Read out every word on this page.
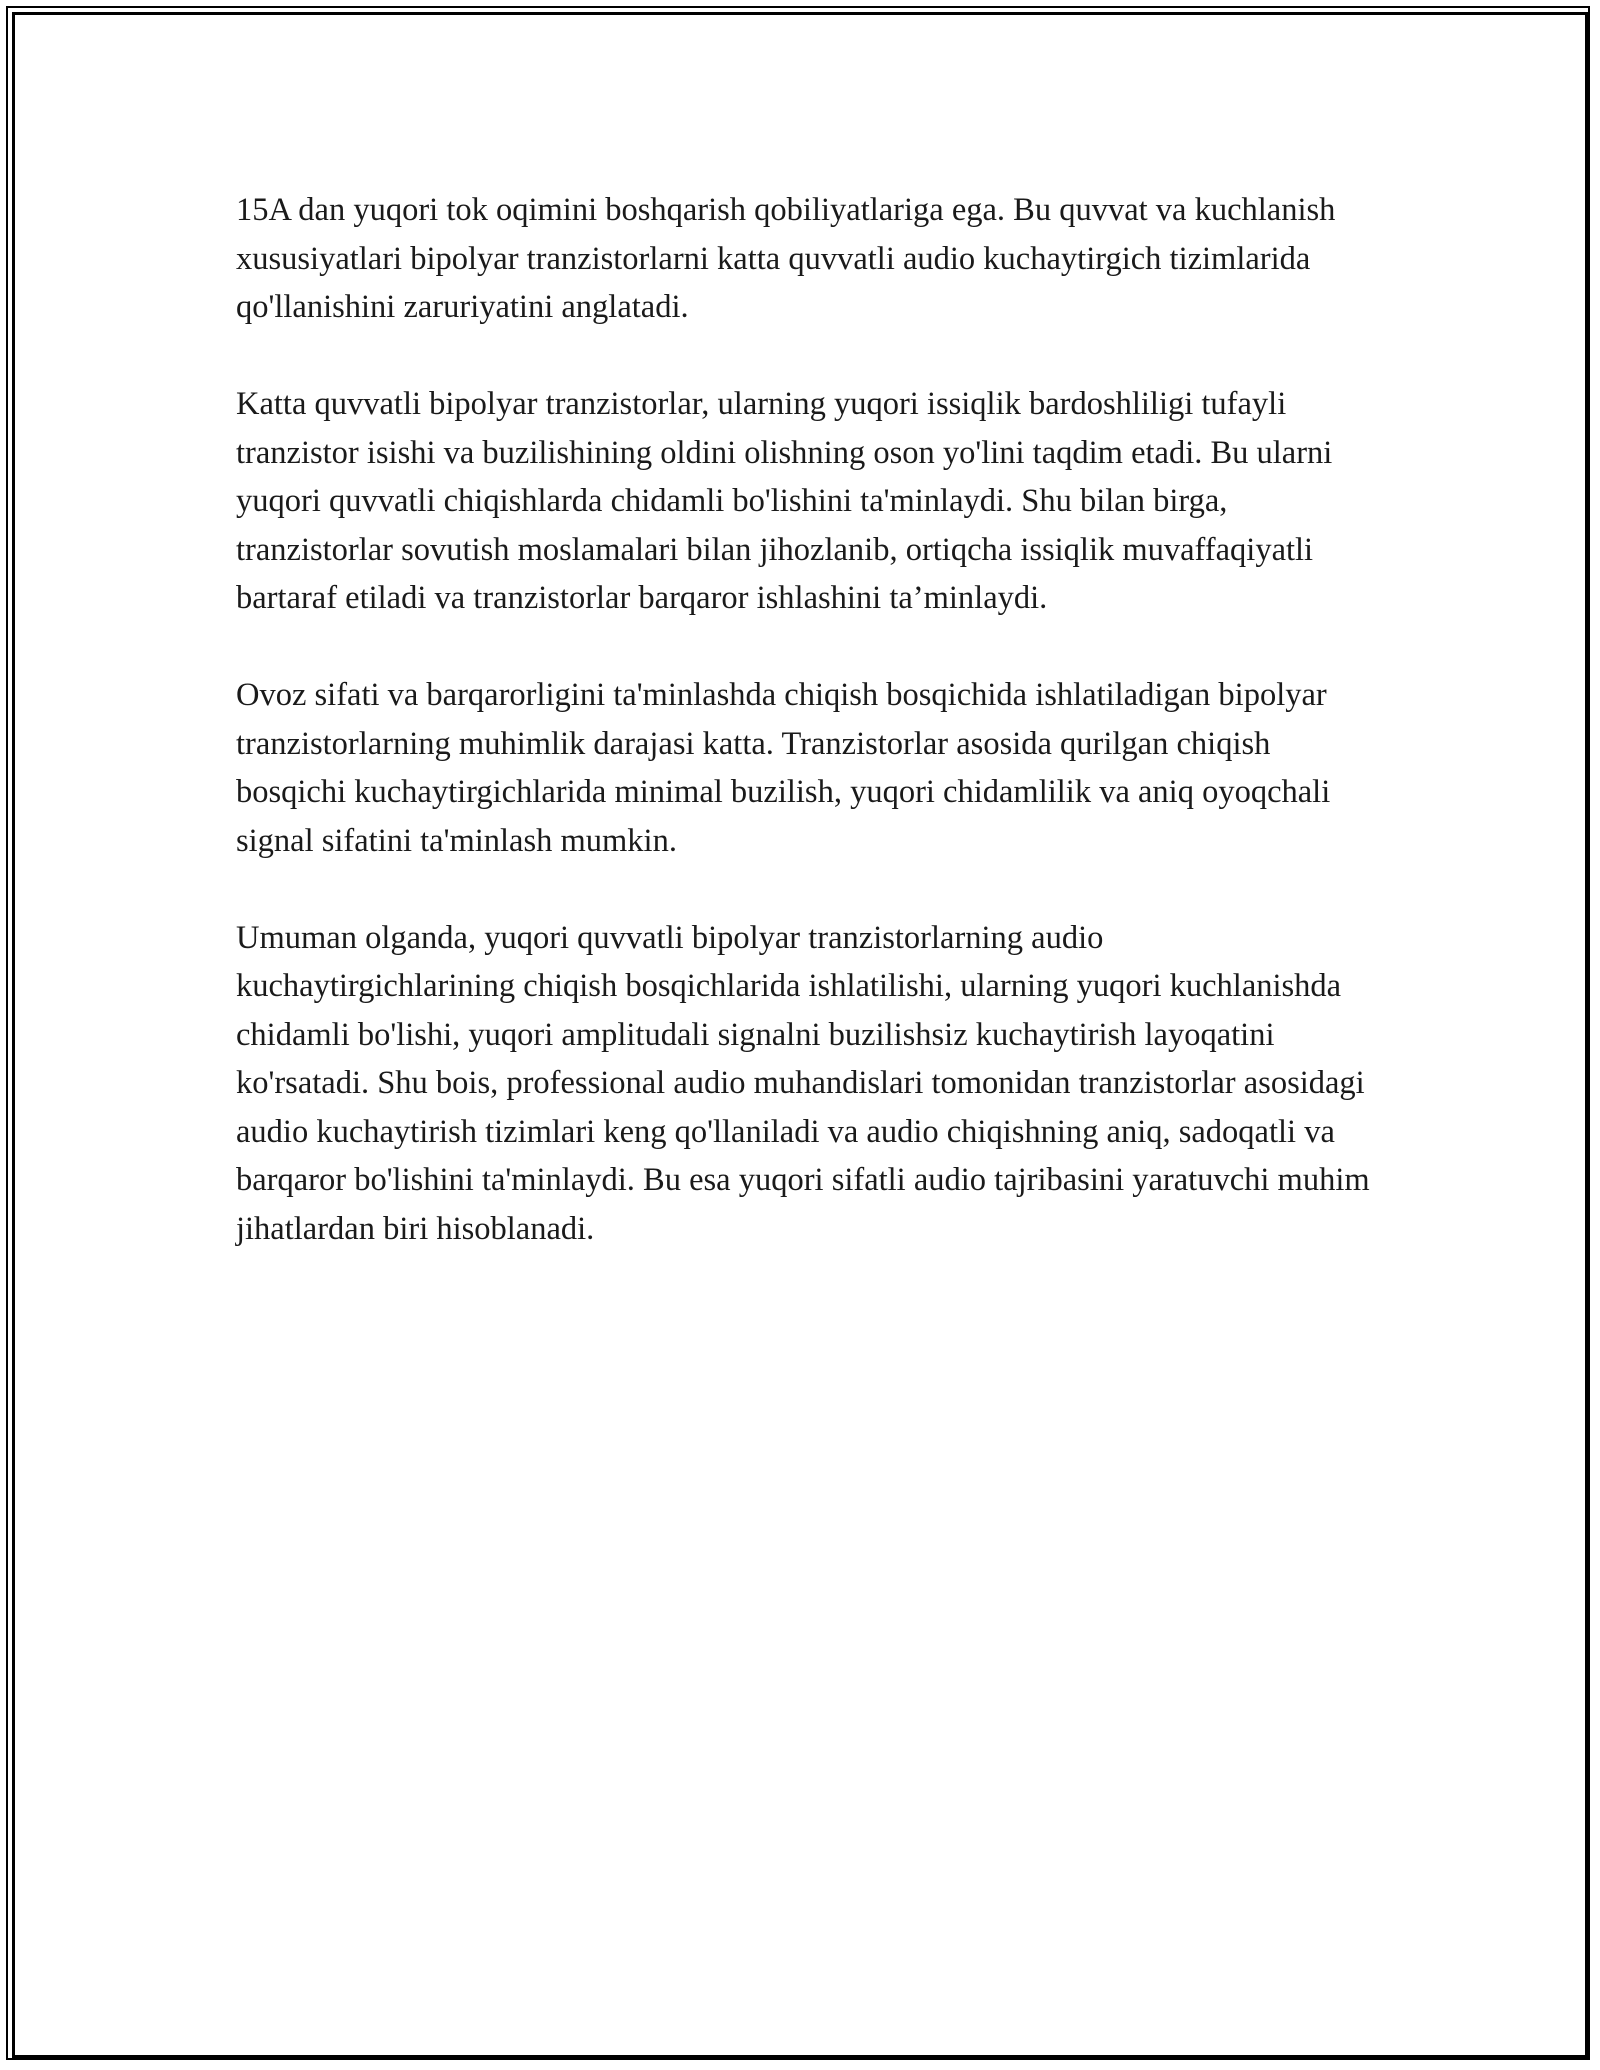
15A dan yuqori tok oqimini boshqarish qobiliyatlariga ega. Bu quvvat va kuchlanish xususiyatlari bipolyar tranzistorlarni katta quvvatli audio kuchaytirgich tizimlarida qo'llanishini zaruriyatini anglatadi.

Katta quvvatli bipolyar tranzistorlar, ularning yuqori issiqlik bardoshliligi tufayli tranzistor isishi va buzilishining oldini olishning oson yo'lini taqdim etadi. Bu ularni yuqori quvvatli chiqishlarda chidamli bo'lishini ta'minlaydi. Shu bilan birga, tranzistorlar sovutish moslamalari bilan jihozlanib, ortiqcha issiqlik muvaffaqiyatli bartaraf etiladi va tranzistorlar barqaror ishlashini ta’minlaydi.

Ovoz sifati va barqarorligini ta'minlashda chiqish bosqichida ishlatiladigan bipolyar tranzistorlarning muhimlik darajasi katta. Tranzistorlar asosida qurilgan chiqish bosqichi kuchaytirgichlarida minimal buzilish, yuqori chidamlilik va aniq oyoqchali signal sifatini ta'minlash mumkin.

Umuman olganda, yuqori quvvatli bipolyar tranzistorlarning audio kuchaytirgichlarining chiqish bosqichlarida ishlatilishi, ularning yuqori kuchlanishda chidamli bo'lishi, yuqori amplitudali signalni buzilishsiz kuchaytirish layoqatini ko'rsatadi. Shu bois, professional audio muhandislari tomonidan tranzistorlar asosidagi audio kuchaytirish tizimlari keng qo'llaniladi va audio chiqishning aniq, sadoqatli va barqaror bo'lishini ta'minlaydi. Bu esa yuqori sifatli audio tajribasini yaratuvchi muhim jihatlardan biri hisoblanadi.
